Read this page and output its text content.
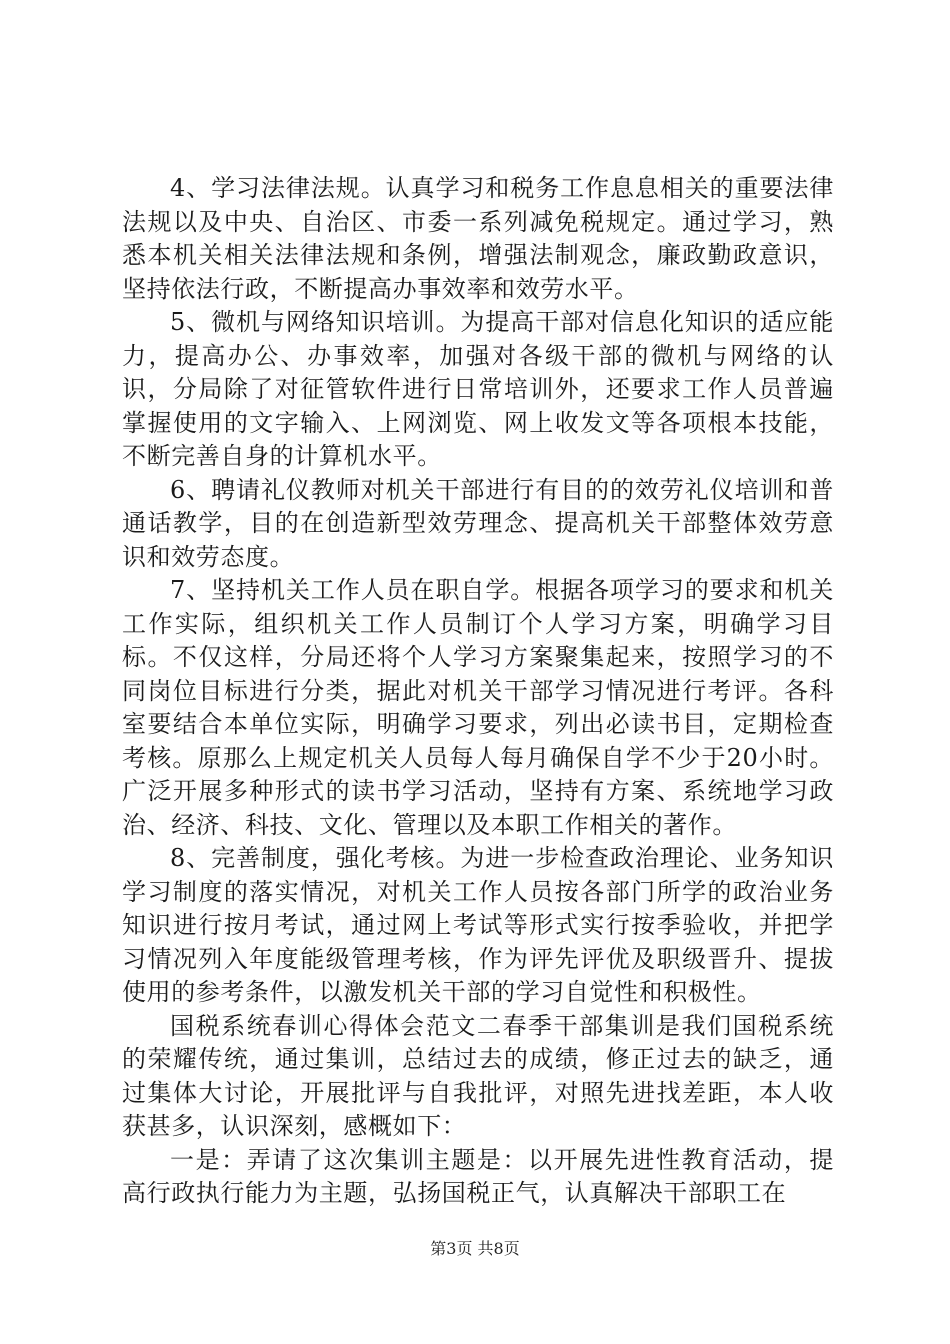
4、学习法律法规。认真学习和税务工作息息相关的重要法律法规以及中央、自治区、市委一系列减免税规定。通过学习，熟悉本机关相关法律法规和条例，增强法制观念，廉政勤政意识，坚持依法行政，不断提高办事效率和效劳水平。

5、微机与网络知识培训。为提高干部对信息化知识的适应能力，提高办公、办事效率，加强对各级干部的微机与网络的认识，分局除了对征管软件进行日常培训外，还要求工作人员普遍掌握使用的文字输入、上网浏览、网上收发文等各项根本技能，不断完善自身的计算机水平。

6、聘请礼仪教师对机关干部进行有目的的效劳礼仪培训和普通话教学，目的在创造新型效劳理念、提高机关干部整体效劳意识和效劳态度。

7、坚持机关工作人员在职自学。根据各项学习的要求和机关工作实际，组织机关工作人员制订个人学习方案，明确学习目标。不仅这样，分局还将个人学习方案聚集起来，按照学习的不同岗位目标进行分类，据此对机关干部学习情况进行考评。各科室要结合本单位实际，明确学习要求，列出必读书目，定期检查考核。原那么上规定机关人员每人每月确保自学不少于20小时。广泛开展多种形式的读书学习活动，坚持有方案、系统地学习政治、经济、科技、文化、管理以及本职工作相关的著作。

8、完善制度，强化考核。为进一步检查政治理论、业务知识学习制度的落实情况，对机关工作人员按各部门所学的政治业务知识进行按月考试，通过网上考试等形式实行按季验收，并把学习情况列入年度能级管理考核，作为评先评优及职级晋升、提拔使用的参考条件，以激发机关干部的学习自觉性和积极性。

国税系统春训心得体会范文二春季干部集训是我们国税系统的荣耀传统，通过集训，总结过去的成绩，修正过去的缺乏，通过集体大讨论，开展批评与自我批评，对照先进找差距，本人收获甚多，认识深刻，感概如下：

一是：弄请了这次集训主题是：以开展先进性教育活动，提高行政执行能力为主题，弘扬国税正气，认真解决干部职工在

第3页 共8页
